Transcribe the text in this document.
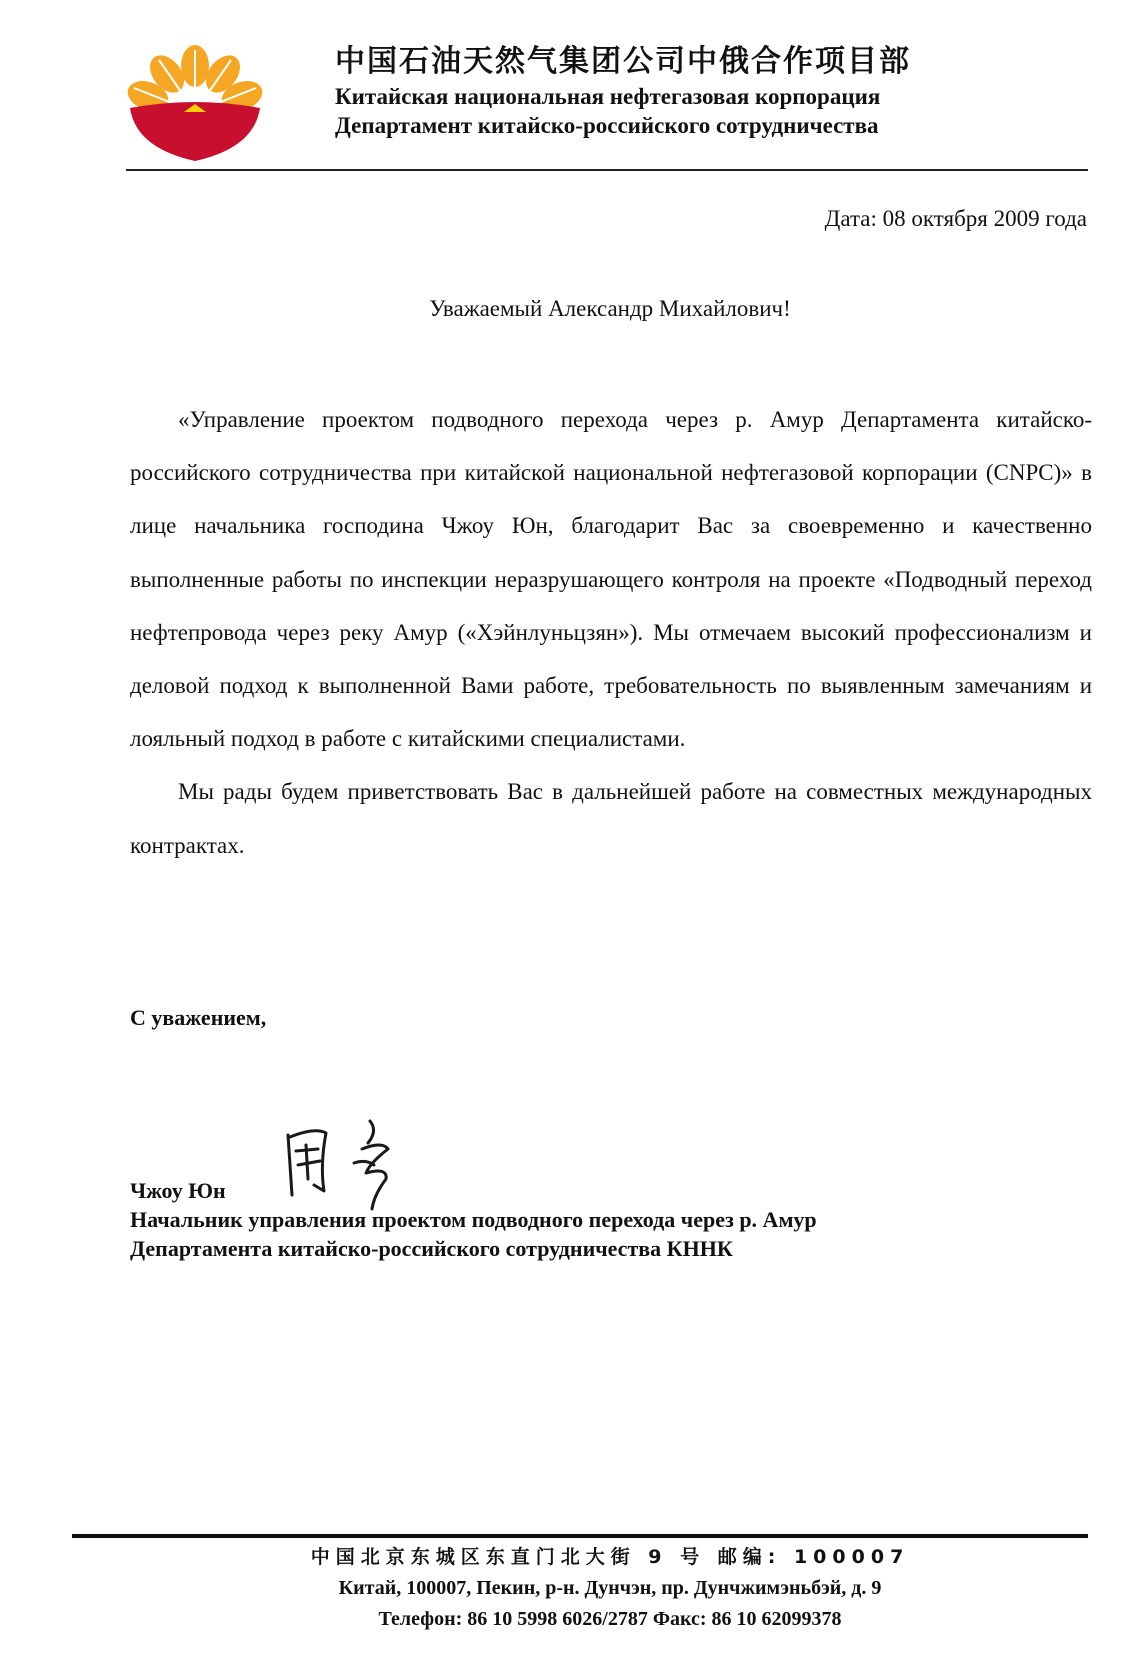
中国石油天然气集团公司中俄合作项目部
Китайская национальная нефтегазовая корпорация
Департамент китайско-российского сотрудничества
Дата: 08 октября 2009 года
Уважаемый Александр Михайлович!

«Управление проектом подводного перехода через р. Амур Департамента китайско-российского сотрудничества при китайской национальной нефтегазовой корпорации (CNPC)» в лице начальника господина Чжоу Юн, благодарит Вас за своевременно и качественно выполненные работы по инспекции неразрушающего контроля на проекте «Подводный переход нефтепровода через реку Амур («Хэйнлуньцзян»). Мы отмечаем высокий профессионализм и деловой подход к выполненной Вами работе, требовательность по выявленным замечаниям и лояльный подход в работе с китайскими специалистами.

Мы рады будем приветствовать Вас в дальнейшей работе на совместных международных контрактах.

С уважением,
Чжоу Юн
Начальник управления проектом подводного перехода через р. Амур
Департамента китайско-российского сотрудничества КННК
中国北京东城区东直门北大街 9 号 邮编: 100007
Китай, 100007, Пекин, р-н. Дунчэн, пр. Дунчжимэньбэй, д. 9
Телефон: 86 10 5998 6026/2787 Факс: 86 10 62099378
